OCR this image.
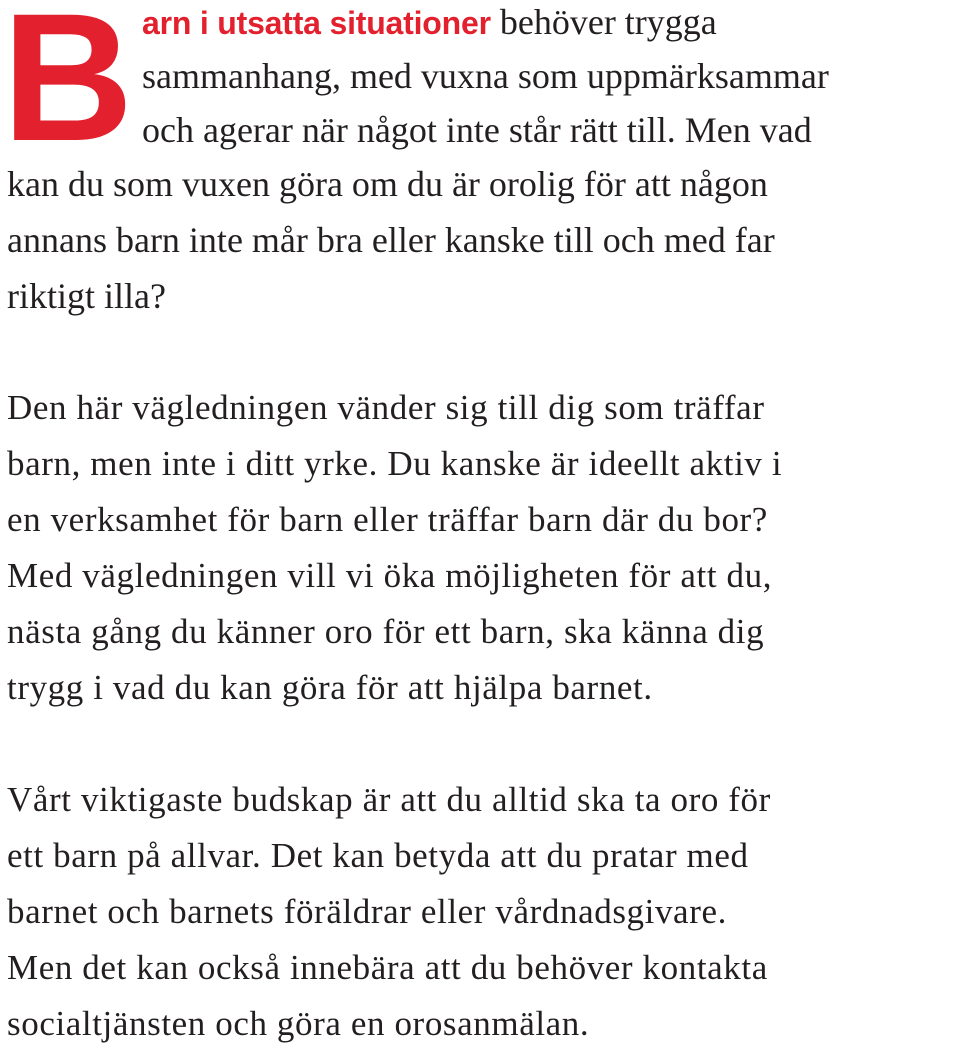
B arn i utsatta situationer behöver trygga
sammanhang, med vuxna som uppmärksammar
och agerar när något inte står rätt till. Men vad
kan du som vuxen göra om du är orolig för att någon
annans barn inte mår bra eller kanske till och med far
riktigt illa?
Den här vägledningen vänder sig till dig som träffar
barn, men inte i ditt yrke. Du kanske är ideellt aktiv i
en verksamhet för barn eller träffar barn där du bor?
Med vägledningen vill vi öka möjligheten för att du,
nästa gång du känner oro för ett barn, ska känna dig
trygg i vad du kan göra för att hjälpa barnet.
Vårt viktigaste budskap är att du alltid ska ta oro för
ett barn på allvar. Det kan betyda att du pratar med
barnet och barnets föräldrar eller vårdnadsgivare.
Men det kan också innebära att du behöver kontakta
socialtjänsten och göra en orosanmälan.
